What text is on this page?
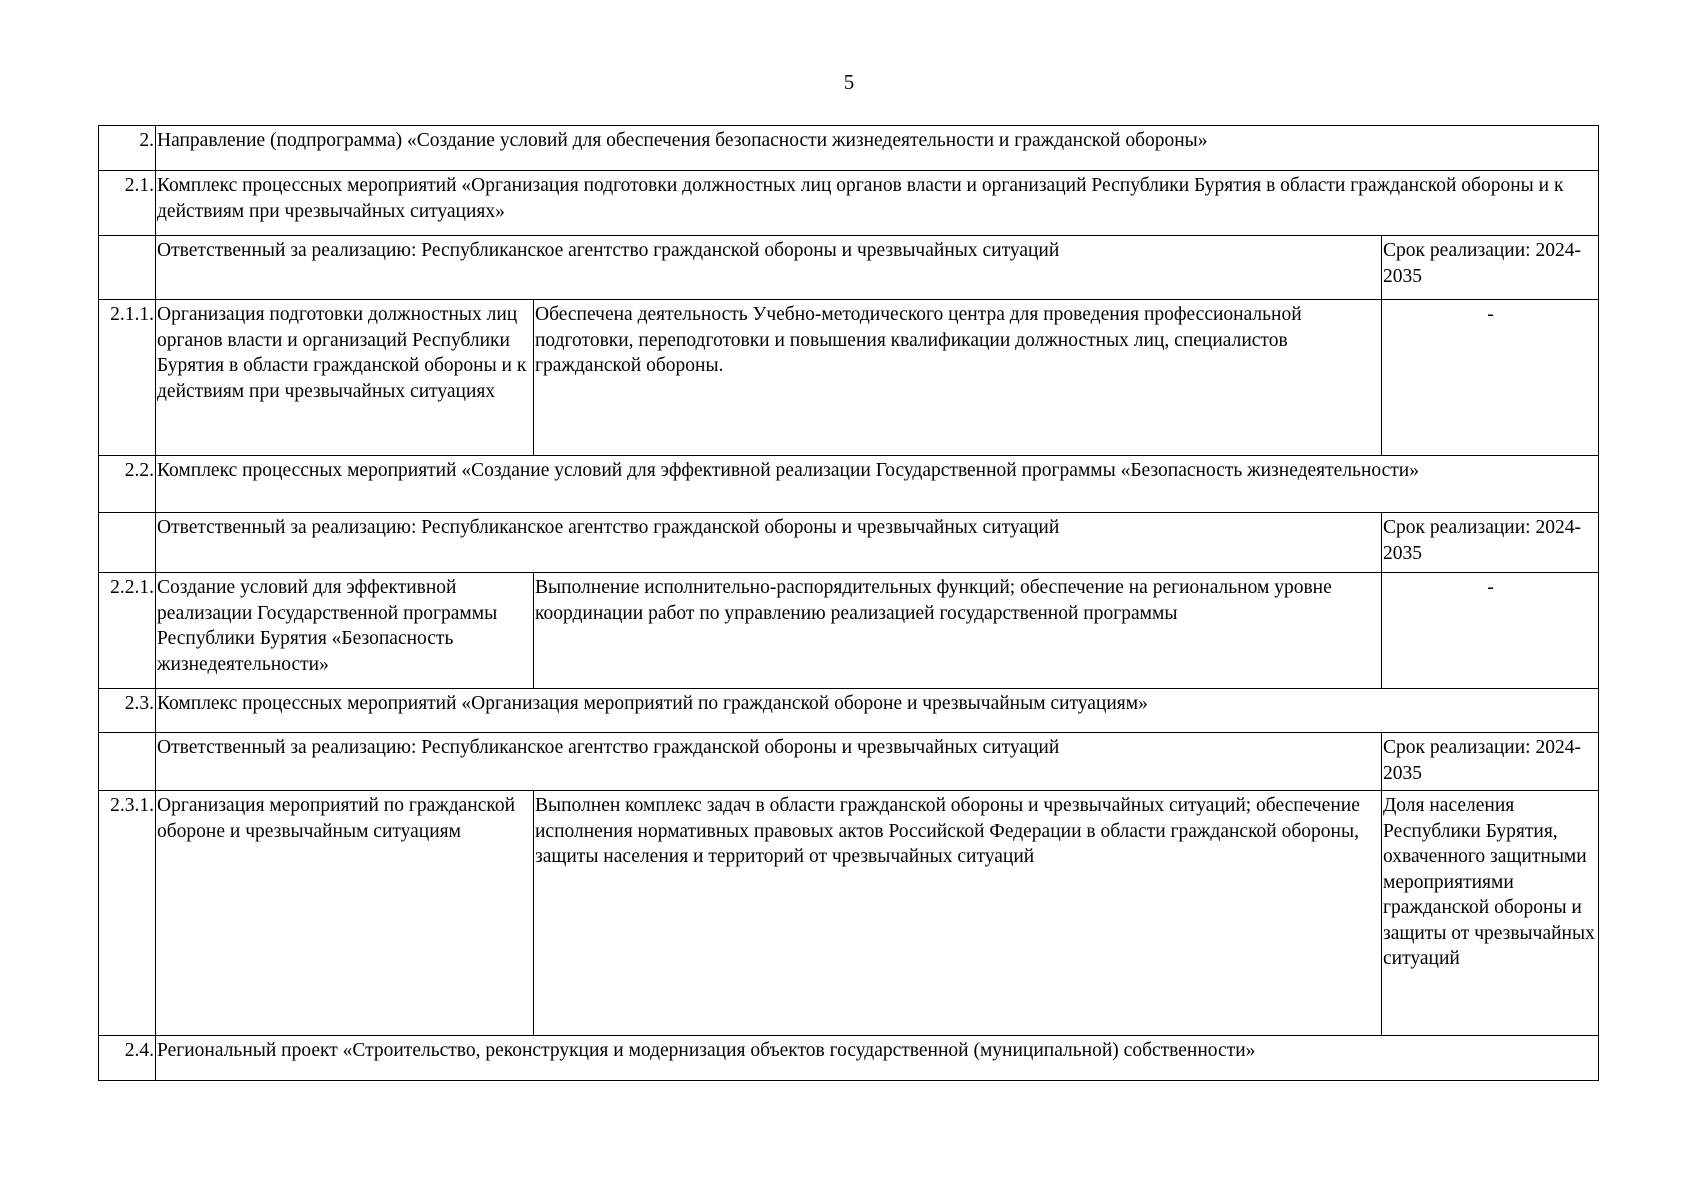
5
2.	Направление (подпрограмма) «Создание условий для обеспечения безопасности жизнедеятельности и гражданской обороны»		
2.1.	Комплекс процессных мероприятий «Организация подготовки должностных лиц органов власти и организаций Республики Бурятия в области гражданской обороны и к действиям при чрезвычайных ситуациях»		
	Ответственный за реализацию: Республиканское агентство гражданской обороны и чрезвычайных ситуаций		Срок реализации: 2024-2035
2.1.1.	Организация подготовки должностных лиц органов власти и организаций Республики Бурятия в области гражданской обороны и к действиям при чрезвычайных ситуациях	Обеспечена деятельность Учебно-методического центра для проведения профессиональной подготовки, переподготовки и повышения квалификации должностных лиц, специалистов гражданской обороны.	-
2.2.	Комплекс процессных мероприятий «Создание условий для эффективной реализации Государственной программы «Безопасность жизнедеятельности»		
	Ответственный за реализацию: Республиканское агентство гражданской обороны и чрезвычайных ситуаций		Срок реализации: 2024-2035
2.2.1.	Создание условий для эффективной реализации Государственной программы Республики Бурятия «Безопасность жизнедеятельности»	Выполнение исполнительно-распорядительных функций; обеспечение на региональном уровне координации работ по управлению реализацией государственной программы	-
2.3.	Комплекс процессных мероприятий «Организация мероприятий по гражданской обороне и чрезвычайным ситуациям»		
	Ответственный за реализацию: Республиканское агентство гражданской обороны и чрезвычайных ситуаций		Срок реализации: 2024-2035
2.3.1.	Организация мероприятий по гражданской обороне и чрезвычайным ситуациям	Выполнен комплекс задач в области гражданской обороны и чрезвычайных ситуаций; обеспечение исполнения нормативных правовых актов Российской Федерации в области гражданской обороны, защиты населения и территорий от чрезвычайных ситуаций	Доля населения Республики Бурятия, охваченного защитными мероприятиями гражданской обороны и защиты от чрезвычайных ситуаций
2.4.	Региональный проект «Строительство, реконструкция и модернизация объектов государственной (муниципальной) собственности»		
